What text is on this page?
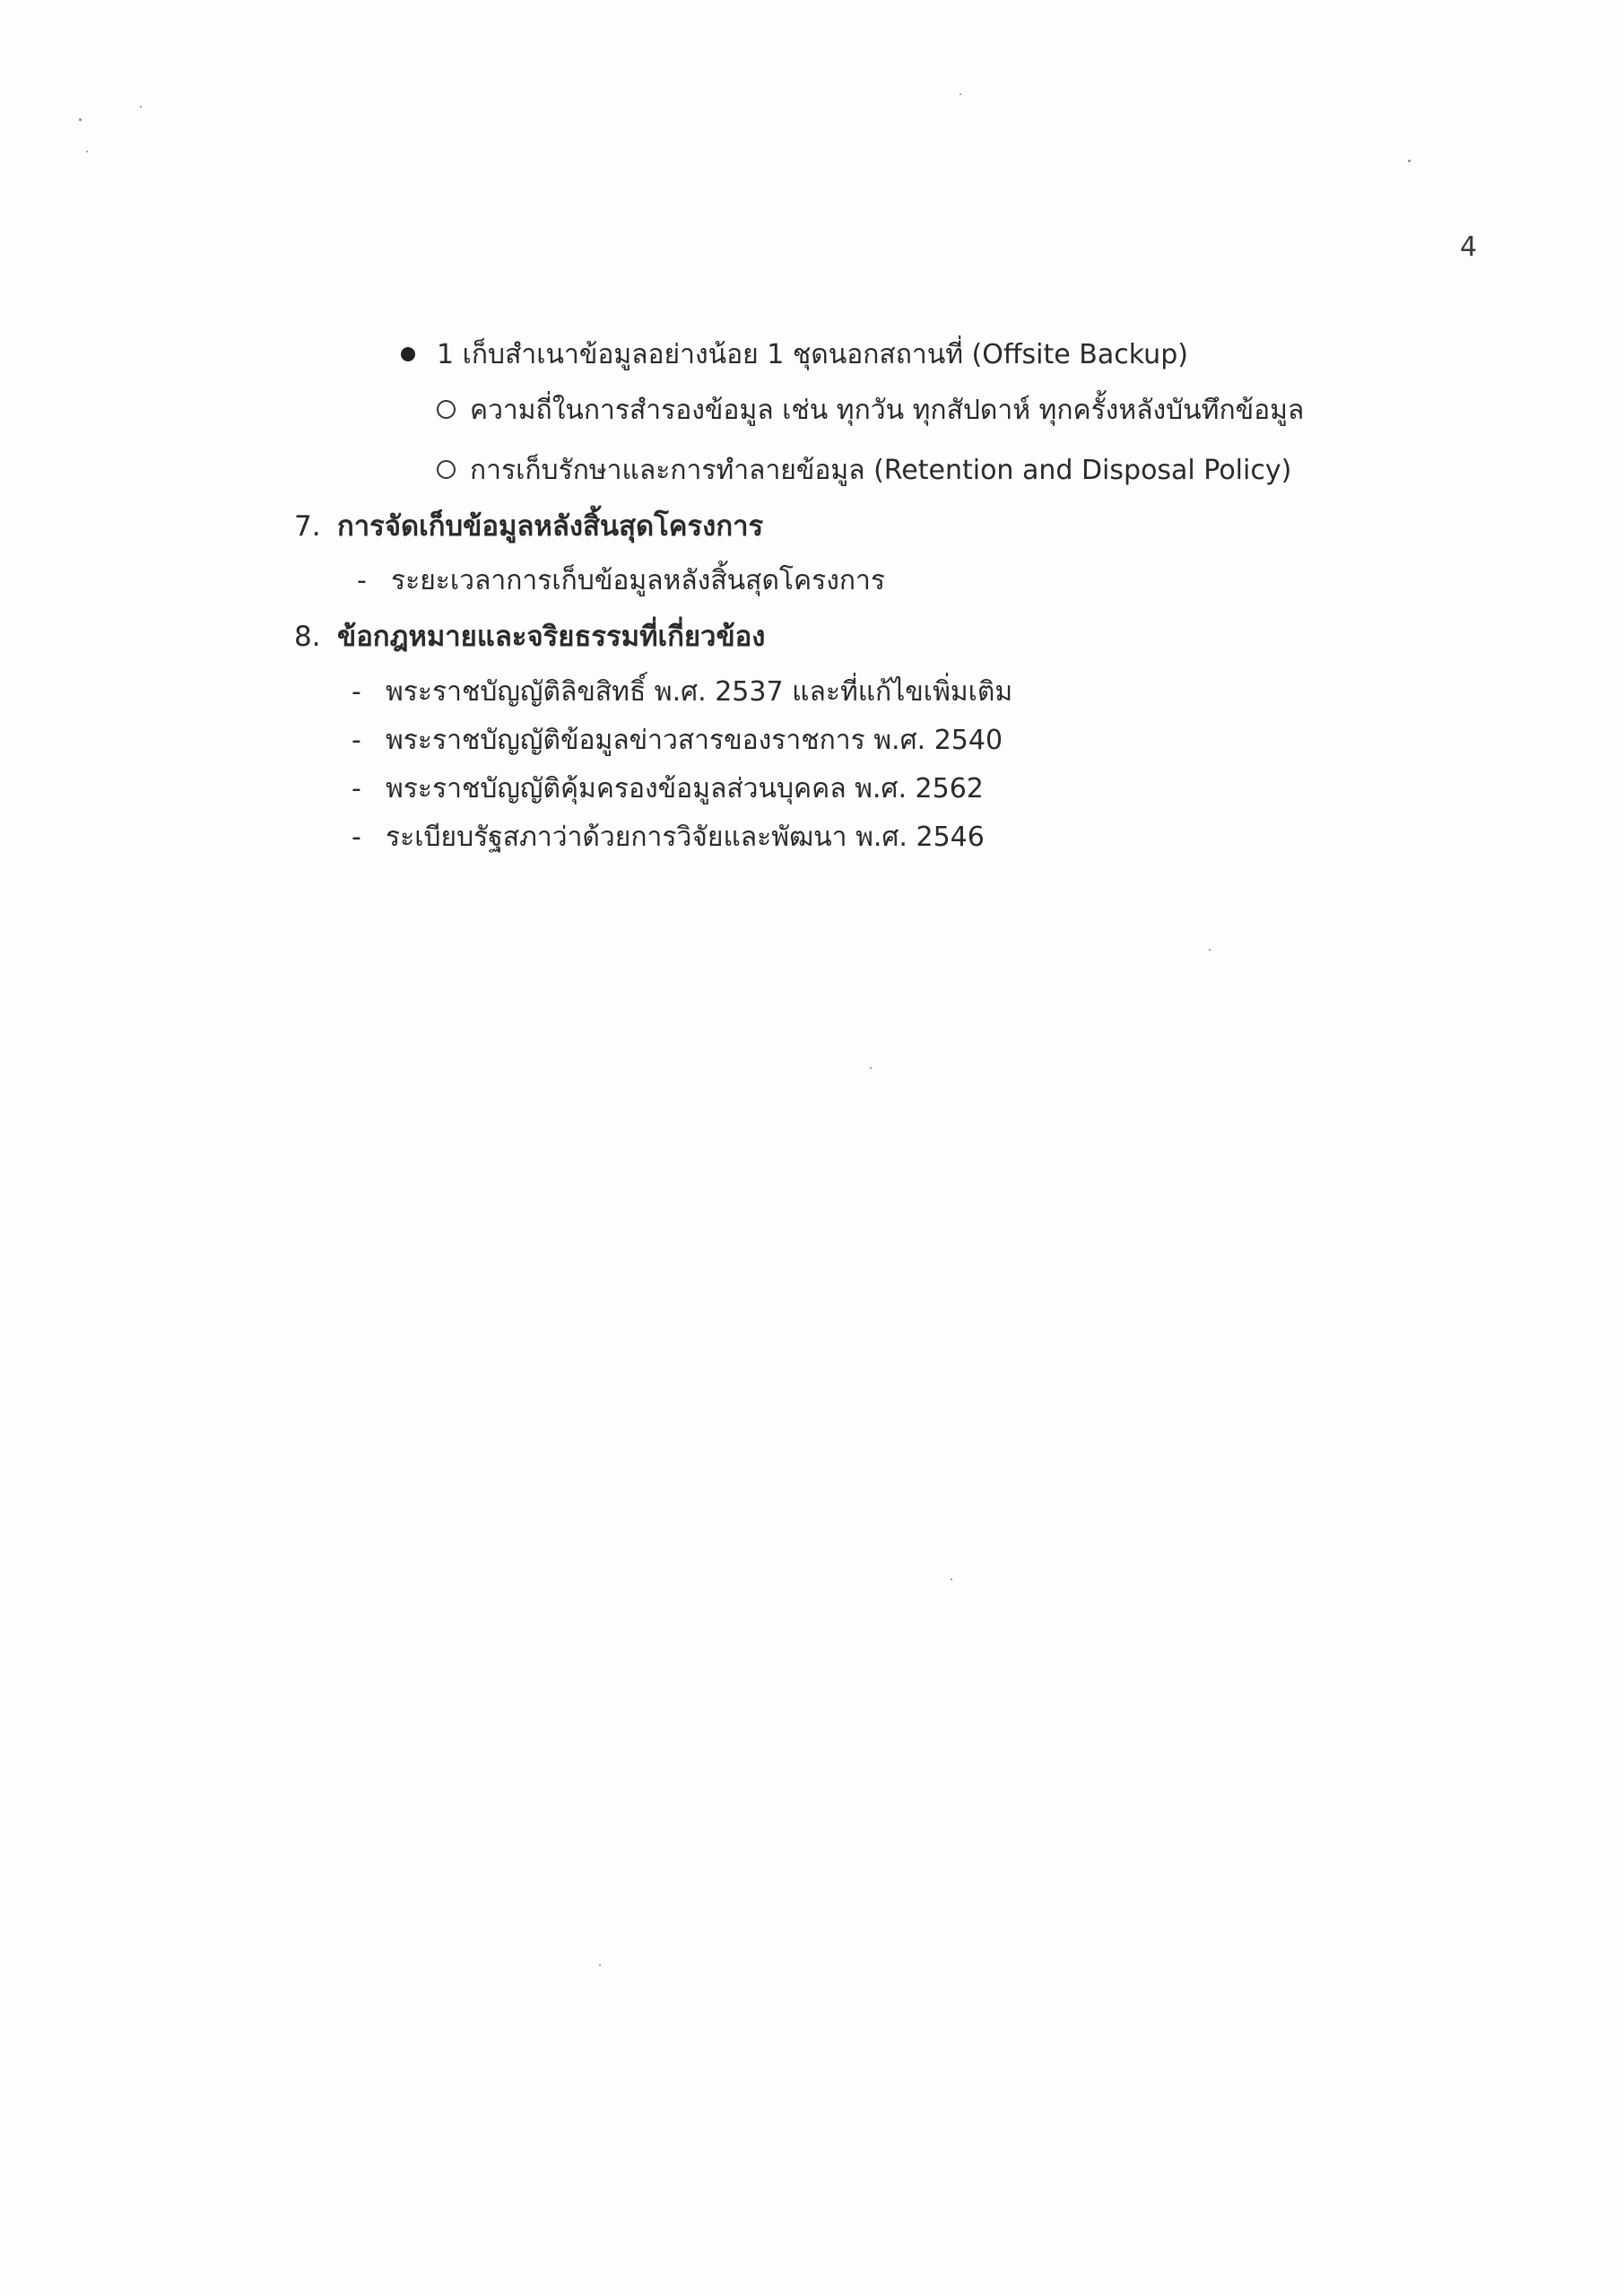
4
1 เก็บสำเนาข้อมูลอย่างน้อย 1 ชุดนอกสถานที่ (Offsite Backup)
ความถี่ในการสำรองข้อมูล เช่น ทุกวัน ทุกสัปดาห์ ทุกครั้งหลังบันทึกข้อมูล
การเก็บรักษาและการทำลายข้อมูล (Retention and Disposal Policy)
7. การจัดเก็บข้อมูลหลังสิ้นสุดโครงการ
- ระยะเวลาการเก็บข้อมูลหลังสิ้นสุดโครงการ
8. ข้อกฎหมายและจริยธรรมที่เกี่ยวข้อง
- พระราชบัญญัติลิขสิทธิ์ พ.ศ. 2537 และที่แก้ไขเพิ่มเติม
- พระราชบัญญัติข้อมูลข่าวสารของราชการ พ.ศ. 2540
- พระราชบัญญัติคุ้มครองข้อมูลส่วนบุคคล พ.ศ. 2562
- ระเบียบรัฐสภาว่าด้วยการวิจัยและพัฒนา พ.ศ. 2546
